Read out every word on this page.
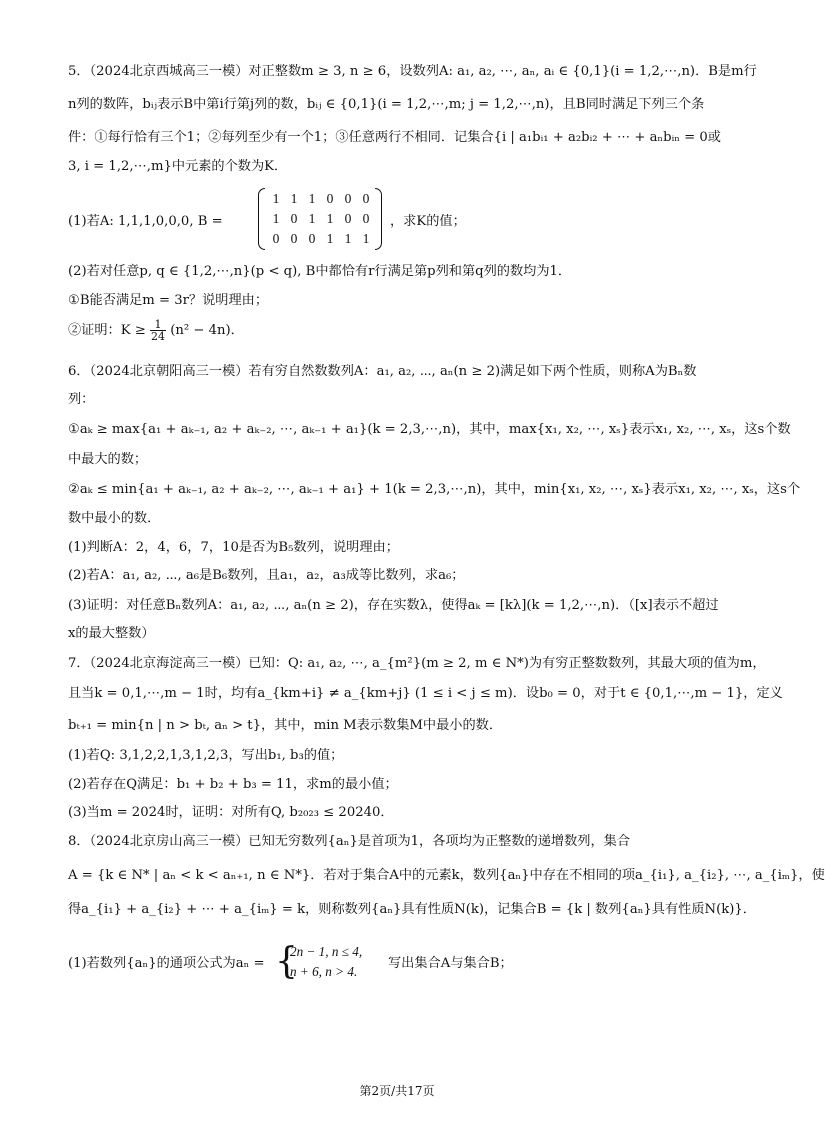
5．（2024北京西城高三一模）对正整数m ≥ 3, n ≥ 6，设数列A: a₁, a₂, ⋯, aₙ, aᵢ ∈ {0,1}(i = 1,2,⋯,n)．B是m行
n列的数阵，bᵢⱼ表示B中第i行第j列的数，bᵢⱼ ∈ {0,1}(i = 1,2,⋯,m; j = 1,2,⋯,n)，且B同时满足下列三个条
件：①每行恰有三个1；②每列至少有一个1；③任意两行不相同．记集合{i | a₁bᵢ₁ + a₂bᵢ₂ + ⋯ + aₙbᵢₙ = 0或
3, i = 1,2,⋯,m}中元素的个数为K．
(1)若A: 1,1,1,0,0,0, B =
1	1	1	0	0	0
1	0	1	1	0	0
0	0	0	1	1	1
，求K的值；
(2)若对任意p, q ∈ {1,2,⋯,n}(p < q), B中都恰有r行满足第p列和第q列的数均为1．
①B能否满足m = 3r？说明理由；
②证明：$K \ge \frac{1}{24} (n^2 - 4n)$．
6．（2024北京朝阳高三一模）若有穷自然数数列A：a₁, a₂, ⋯, aₙ(n ≥ 2)满足如下两个性质，则称A为Bₙ数
列：
①aₖ ≥ max{a₁ + aₖ₋₁, a₂ + aₖ₋₂, ⋯, aₖ₋₁ + a₁}(k = 2,3,⋯,n)，其中，max{x₁, x₂, ⋯, xₛ}表示x₁, x₂, ⋯, xₛ，这s个数
中最大的数；
②aₖ ≤ min{a₁ + aₖ₋₁, a₂ + aₖ₋₂, ⋯, aₖ₋₁ + a₁} + 1(k = 2,3,⋯,n)，其中，min{x₁, x₂, ⋯, xₛ}表示x₁, x₂, ⋯, xₛ，这s个
数中最小的数．
(1)判断A：2，4，6，7，10是否为B₅数列，说明理由；
(2)若A：a₁, a₂, ⋯, a₆是B₆数列，且a₁，a₂，a₃成等比数列，求a₆；
(3)证明：对任意Bₙ数列A：a₁, a₂, ⋯, aₙ(n ≥ 2)，存在实数λ，使得aₖ = [kλ](k = 1,2,⋯,n)．（[x]表示不超过
x的最大整数）
7．（2024北京海淀高三一模）已知：Q: a₁, a₂, ⋯, a_{m²}(m ≥ 2, m ∈ N*)为有穷正整数数列，其最大项的值为m，
且当k = 0,1,⋯,m − 1时，均有a_{km+i} ≠ a_{km+j} (1 ≤ i < j ≤ m)．设b₀ = 0，对于t ∈ {0,1,⋯,m − 1}，定义
bₜ₊₁ = min{n | n > bₜ, aₙ > t}，其中，min M表示数集M中最小的数．
(1)若Q: 3,1,2,2,1,3,1,2,3，写出b₁, b₃的值；
(2)若存在Q满足：b₁ + b₂ + b₃ = 11，求m的最小值；
(3)当m = 2024时，证明：对所有Q, b₂₀₂₃ ≤ 20240．
8．（2024北京房山高三一模）已知无穷数列{aₙ}是首项为1，各项均为正整数的递增数列，集合
A = {k ∈ N* | aₙ < k < aₙ₊₁, n ∈ N*}．若对于集合A中的元素k，数列{aₙ}中存在不相同的项a_{i₁}, a_{i₂}, ⋯, a_{iₘ}，使
得a_{i₁} + a_{i₂} + ⋯ + a_{iₘ} = k，则称数列{aₙ}具有性质N(k)，记集合B = {k | 数列{aₙ}具有性质N(k)}．
(1)若数列{aₙ}的通项公式为aₙ = {
2n − 1, n ≤ 4,
n + 6, n > 4.
写出集合A与集合B；
第2页/共17页
